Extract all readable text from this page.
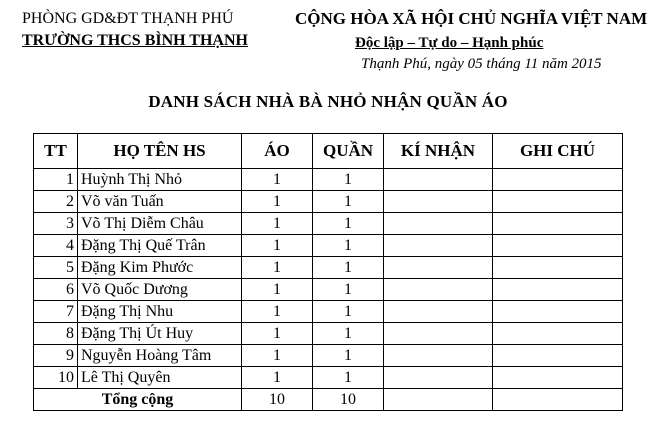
PHÒNG GD&ĐT THẠNH PHÚ
TRƯỜNG THCS BÌNH THẠNH
CỘNG HÒA XÃ HỘI CHỦ NGHĨA VIỆT NAM
Độc lập – Tự do – Hạnh phúc
Thạnh Phú, ngày 05 tháng 11 năm 2015
DANH SÁCH NHÀ BÀ NHỎ NHẬN QUẦN ÁO
TT	HỌ TÊN HS	ÁO	QUẦN	KÍ NHẬN	GHI CHÚ
1	Huỳnh Thị Nhỏ	1	1		
2	Võ văn Tuấn	1	1		
3	Võ Thị Diễm Châu	1	1		
4	Đặng Thị Quế Trân	1	1		
5	Đặng Kim Phước	1	1		
6	Võ Quốc Dương	1	1		
7	Đặng Thị Nhu	1	1		
8	Đặng Thị Út Huy	1	1		
9	Nguyễn Hoàng Tâm	1	1		
10	Lê Thị Quyên	1	1		
Tổng cộng		10	10		
